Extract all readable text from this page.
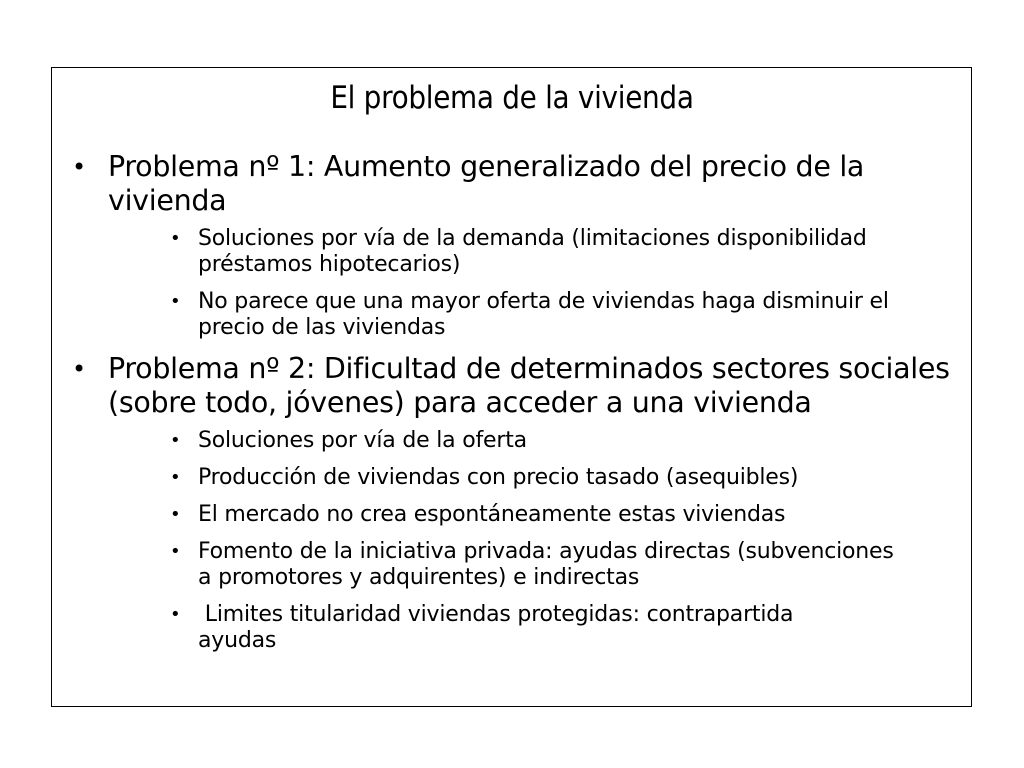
El problema de la vivienda
• Problema nº 1: Aumento generalizado del precio de la vivienda
• Soluciones por vía de la demanda (limitaciones disponibilidad préstamos hipotecarios)
• No parece que una mayor oferta de viviendas haga disminuir el precio de las viviendas
• Problema nº 2: Dificultad de determinados sectores sociales (sobre todo, jóvenes) para acceder a una vivienda
• Soluciones por vía de la oferta
• Producción de viviendas con precio tasado (asequibles)
• El mercado no crea espontáneamente estas viviendas
• Fomento de la iniciativa privada: ayudas directas (subvenciones a promotores y adquirentes) e indirectas
• Limites titularidad viviendas protegidas: contrapartida ayudas
